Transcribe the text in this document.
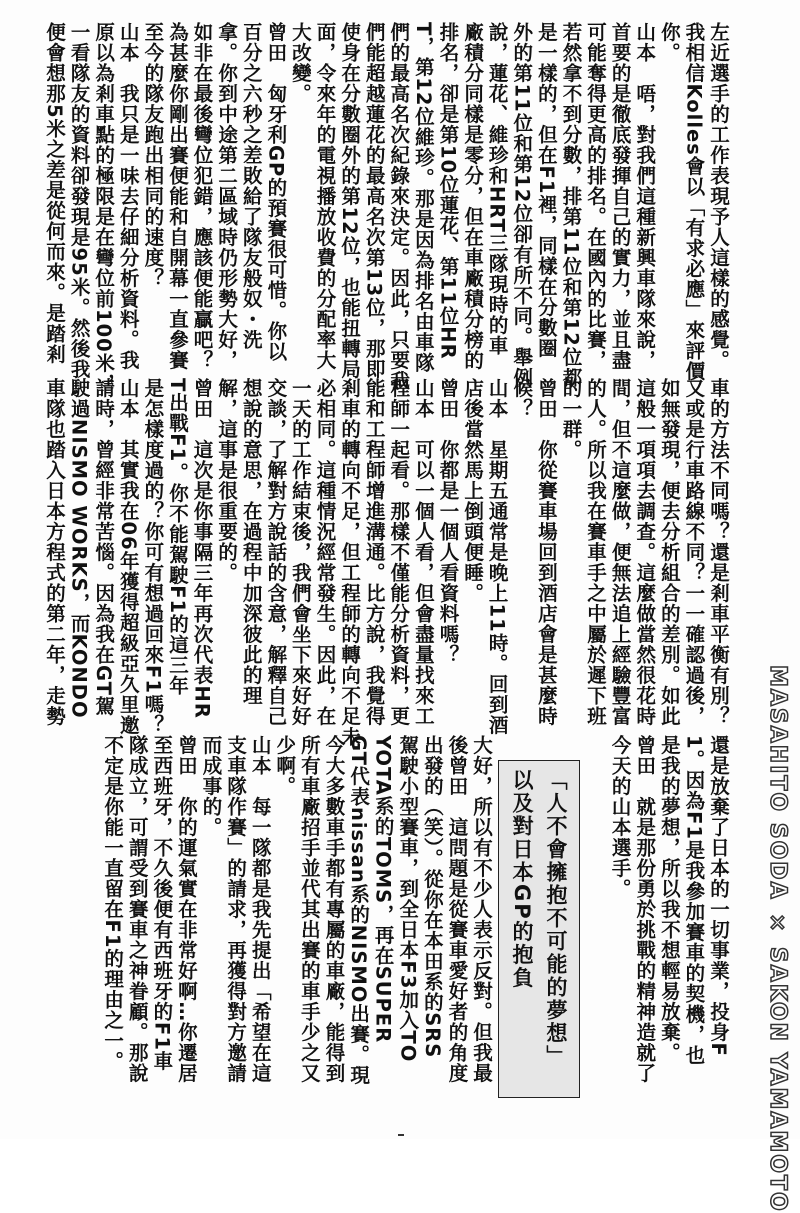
左近選手的工作表現予人這樣的感覺。
我相信Kolles會以「有求必應」來評價
你。
山本　唔，對我們這種新興車隊來說，
首要的是徹底發揮自己的實力，並且盡
可能奪得更高的排名。在國內的比賽，
若然拿不到分數，排第11位和第12位都
是一樣的，但在F1裡，同樣在分數圈
外的第11位和第12位卻有所不同。舉例
說，蓮花、維珍和HRT三隊現時的車
廠積分同樣是零分，但在車廠積分榜的
排名，卻是第10位蓮花、第11位HR
T，第12位維珍。那是因為排名由車隊
們的最高名次紀錄來決定。因此，只要我
們能超越蓮花的最高名次第13位，那即
使身在分數圈外的第12位，也能扭轉局
面，令來年的電視播放收費的分配率大
大改變。
曾田　匈牙利GP的預賽很可惜。你以
百分之六秒之差敗給了隊友般奴・洗
拿。你到中途第二區域時仍形勢大好，
如非在最後彎位犯錯，應該便能贏吧？
為甚麼你剛出賽便能和自開幕一直參賽
至今的隊友跑出相同的速度？
山本　我只是一味去仔細分析資料。我
原以為剎車點的極限是在彎位前100米，
一看隊友的資料卻發現是95米。然後我
便會想那5米之差是從何而來。是踏剎
車的方法不同嗎？還是剎車平衡有別？
又或是行車路線不同？一一確認過後，
如無發現，便去分析組合的差別。如此
這般一項項去調查。這麼做當然很花時
間，但不這麼做，便無法追上經驗豐富
的人。所以我在賽車手之中屬於遲下班
的一群。
曾田　你從賽車場回到酒店會是甚麼時
候？
山本　星期五通常是晚上11時。回到酒
店後當然馬上倒頭便睡。
曾田　你都是一個人看資料嗎？
山本　可以一個人看，但會盡量找來工
程師一起看。那樣不僅能分析資料，更
能和工程師增進溝通。比方說，我覺得
剎車的轉向不足，但工程師的轉向不足未
必相同。這種情況經常發生。因此，在
一天的工作結束後，我們會坐下來好好
交談，了解對方說話的含意，解釋自己
想說的意思，在過程中加深彼此的理
解，這事是很重要的。
曾田　這次是你事隔三年再次代表HR
T出戰F1。你不能駕駛F1的這三年
是怎樣度過的？你可有想過回來F1嗎？
山本　其實我在06年獲得超級亞久里邀
請時，曾經非常苦惱。因為我在GT駕
駛過NISMO WORKS，而KONDO
車隊也踏入日本方程式的第二年，走勢
還是放棄了日本的一切事業，投身F
1。因為F1是我參加賽車的契機，也
是我的夢想，所以我不想輕易放棄。
曾田　就是那份勇於挑戰的精神造就了
今天的山本選手。
大好，所以有不少人表示反對。但我最
後曾田　這問題是從賽車愛好者的角度
出發的（笑）。從你在本田系的SRS
駕駛小型賽車，到全日本F3加入TO
YOTA系的TOMS，再在SUPER
GT代表nissan系的NISMO出賽。現
今大多數車手都有專屬的車廠，能得到
所有車廠招手並代其出賽的車手少之又
少啊。
山本　每一隊都是我先提出「希望在這
支車隊作賽」的請求，再獲得對方邀請
而成事的。
曾田　你的運氣實在非常好啊…你遷居
至西班牙，不久後便有西班牙的F1車
隊成立，可謂受到賽車之神眷顧。那說
不定是你能一直留在F1的理由之一。	「人不會擁抱不可能的夢想」
以及對日本GP的抱負	MASAHITO SODA × SAKON YAMAMOTO
